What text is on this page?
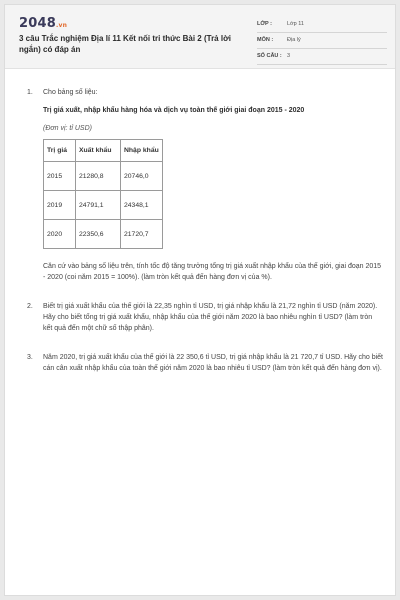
2048.vn
3 câu Trắc nghiệm Địa lí 11 Kết nối tri thức Bài 2 (Trả lời ngắn) có đáp án
LỚP :	Lớp 11
MÔN :	Địa lý
SỐ CÂU : 3
1. Cho bảng số liệu:
Trị giá xuất, nhập khẩu hàng hóa và dịch vụ toàn thế giới giai đoạn 2015 - 2020
(Đơn vị: tỉ USD)
Trị giá	Xuất khẩu	Nhập khẩu
2015	21280,8	20746,0
2019	24791,1	24348,1
2020	22350,6	21720,7
Căn cứ vào bảng số liệu trên, tính tốc độ tăng trưởng tổng trị giá xuất nhập khẩu của thế giới, giai đoạn 2015 - 2020 (coi năm 2015 = 100%). (làm tròn kết quả đến hàng đơn vị của %).
2. Biết trị giá xuất khẩu của thế giới là 22,35 nghìn tỉ USD, trị giá nhập khẩu là 21,72 nghìn tỉ USD (năm 2020). Hãy cho biết tổng trị giá xuất khẩu, nhập khẩu của thế giới năm 2020 là bao nhiêu nghìn tỉ USD? (làm tròn kết quả đến một chữ số thập phân).
3. Năm 2020, trị giá xuất khẩu của thế giới là 22 350,6 tỉ USD, trị giá nhập khẩu là 21 720,7 tỉ USD. Hãy cho biết cán cân xuất nhập khẩu của toàn thế giới năm 2020 là bao nhiêu tỉ USD? (làm tròn kết quả đến hàng đơn vị).
